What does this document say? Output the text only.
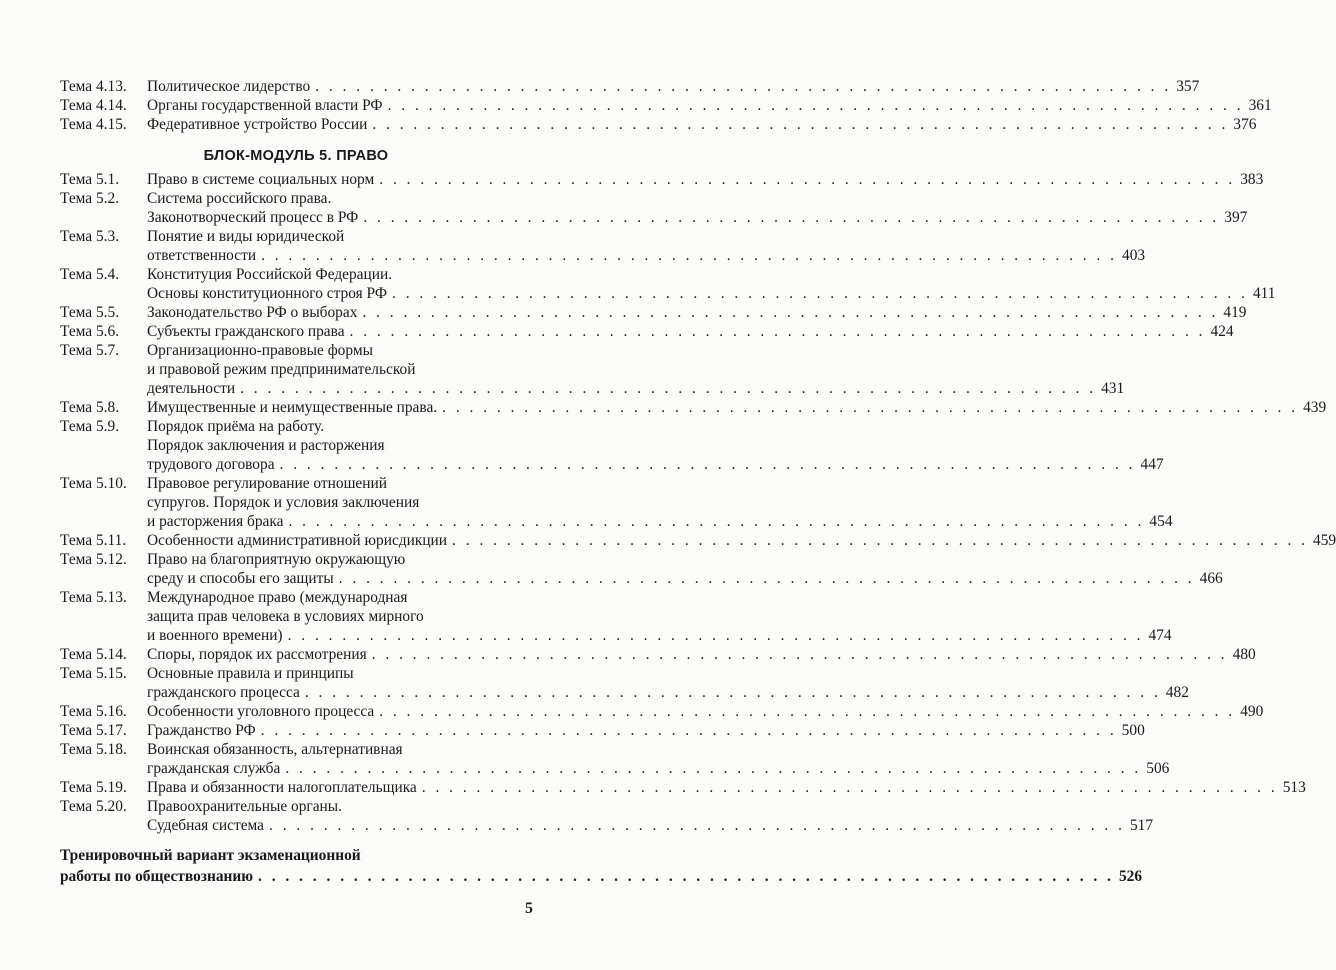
Тема 4.13.	Политическое лидерство . . .	357
Тема 4.14.	Органы государственной власти РФ . . .	361
Тема 4.15.	Федеративное устройство России . . .	376
БЛОК-МОДУЛЬ 5. ПРАВО
Тема 5.1.	Право в системе социальных норм . . .	383
Тема 5.2.	Система российского права.
Законотворческий процесс в РФ . . .	397
Тема 5.3.	Понятие и виды юридической
ответственности . . .	403
Тема 5.4.	Конституция Российской Федерации.
Основы конституционного строя РФ . . .	411
Тема 5.5.	Законодательство РФ о выборах . . .	419
Тема 5.6.	Субъекты гражданского права . . .	424
Тема 5.7.	Организационно-правовые формы
и правовой режим предпринимательской
деятельности . . .	431
Тема 5.8.	Имущественные и неимущественные права. . . .	439
Тема 5.9.	Порядок приёма на работу.
Порядок заключения и расторжения
трудового договора . . .	447
Тема 5.10.	Правовое регулирование отношений
супругов. Порядок и условия заключения
и расторжения брака . . .	454
Тема 5.11.	Особенности административной юрисдикции . . .	459
Тема 5.12.	Право на благоприятную окружающую
среду и способы его защиты . . .	466
Тема 5.13.	Международное право (международная
защита прав человека в условиях мирного
и военного времени) . . .	474
Тема 5.14.	Споры, порядок их рассмотрения . . .	480
Тема 5.15.	Основные правила и принципы
гражданского процесса . . .	482
Тема 5.16.	Особенности уголовного процесса . . .	490
Тема 5.17.	Гражданство РФ . . .	500
Тема 5.18.	Воинская обязанность, альтернативная
гражданская служба . . .	506
Тема 5.19.	Права и обязанности налогоплательщика . . .	513
Тема 5.20.	Правоохранительные органы.
Судебная система . . .	517
Тренировочный вариант экзаменационной
работы по обществознанию . . .	526
5
